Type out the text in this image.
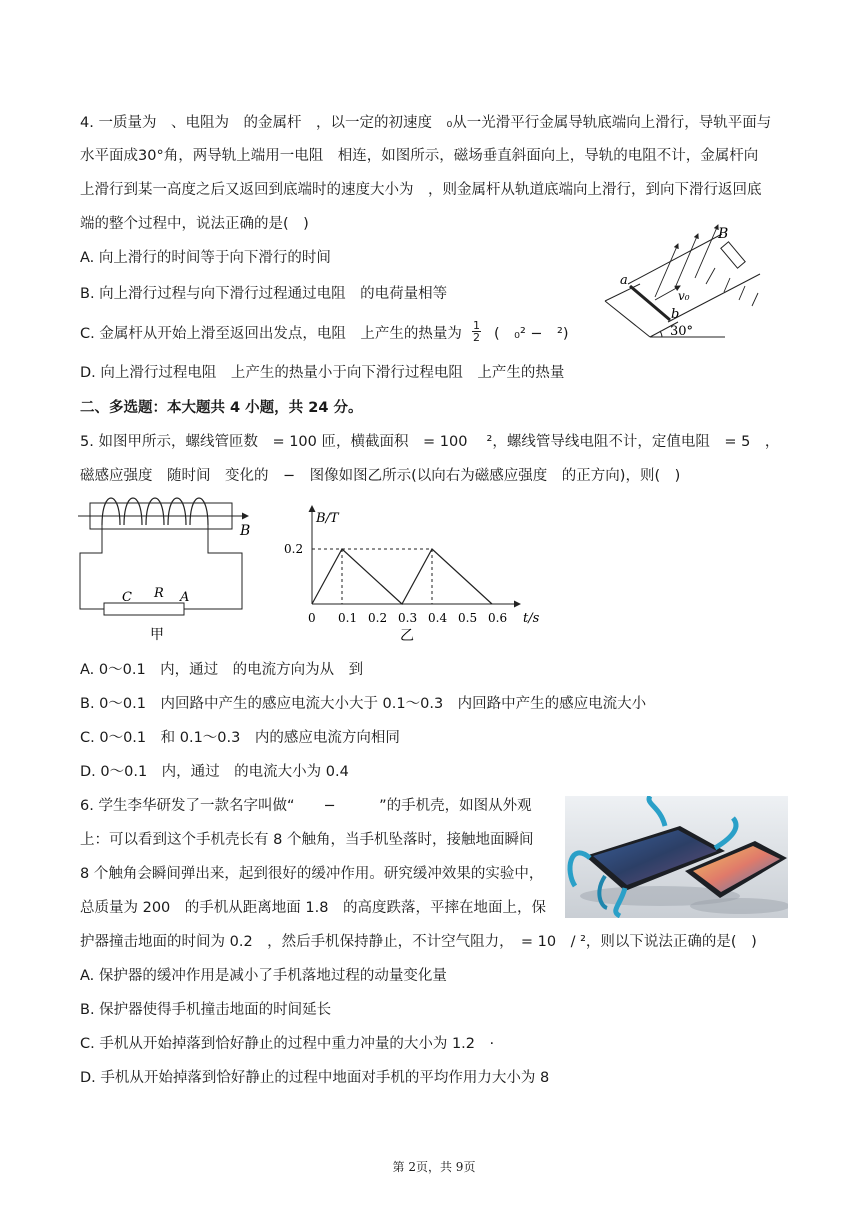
4. 一质量为　、电阻为　的金属杆　，以一定的初速度　₀从一光滑平行金属导轨底端向上滑行，导轨平面与
水平面成30°角，两导轨上端用一电阻　相连，如图所示，磁场垂直斜面向上，导轨的电阻不计，金属杆向
上滑行到某一高度之后又返回到底端时的速度大小为　，则金属杆从轨道底端向上滑行，到向下滑行返回底
端的整个过程中，说法正确的是(　)
A. 向上滑行的时间等于向下滑行的时间
B. 向上滑行过程与向下滑行过程通过电阻　的电荷量相等
C. 金属杆从开始上滑至返回出发点，电阻　上产生的热量为 $\frac{1}{2}$ (　₀² −　²)
D. 向上滑行过程电阻　上产生的热量小于向下滑行过程电阻　上产生的热量
B
a
b
v₀
30°
二、多选题：本大题共 4 小题，共 24 分。
5. 如图甲所示，螺线管匝数　= 100 匝，横截面积　= 100　 ²，螺线管导线电阻不计，定值电阻　= 5　，
磁感应强度　随时间　变化的　−　图像如图乙所示(以向右为磁感应强度　的正方向)，则(　)
B
C R A
甲
B/T
t/s
乙
0 0.1 0.2 0.3 0.4 0.5 0.6
0.2
A. 0～0.1　内，通过　的电流方向为从　到
B. 0～0.1　内回路中产生的感应电流大小大于 0.1～0.3　内回路中产生的感应电流大小
C. 0～0.1　和 0.1～0.3　内的感应电流方向相同
D. 0～0.1　内，通过　的电流大小为 0.4
6. 学生李华研发了一款名字叫做“　　−　　　”的手机壳，如图从外观
上：可以看到这个手机壳长有 8 个触角，当手机坠落时，接触地面瞬间
8 个触角会瞬间弹出来，起到很好的缓冲作用。研究缓冲效果的实验中，
总质量为 200　的手机从距离地面 1.8　的高度跌落，平摔在地面上，保
护器撞击地面的时间为 0.2　，然后手机保持静止，不计空气阻力，　= 10　/ ²，则以下说法正确的是(　)
A. 保护器的缓冲作用是减小了手机落地过程的动量变化量
B. 保护器使得手机撞击地面的时间延长
C. 手机从开始掉落到恰好静止的过程中重力冲量的大小为 1.2　·
D. 手机从开始掉落到恰好静止的过程中地面对手机的平均作用力大小为 8
第 2页，共 9页
